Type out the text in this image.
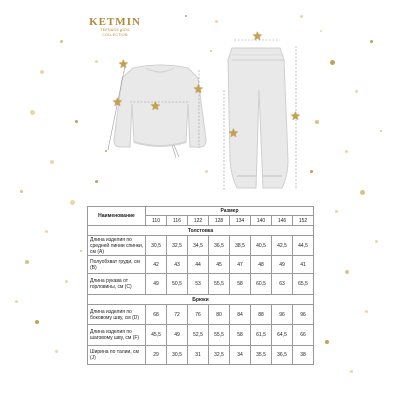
KETMIN
TEENAGE KIDS
COLLECTION
★
★
★
★
★
★
★
Наименование	Размер							
	110	116	122	128	134	140	146	152
Толстовка								
Длина изделия по средней линии спинки, см (A)	30,5	32,5	34,5	36,5	38,5	40,5	42,5	44,5
Полуобхват груди, см (B)	42	43	44	45	47	48	49	41
Длина рукава от горловины, см (C)	49	50,5	53	55,5	58	60,5	63	65,5
Брюки								
Длина изделия по боковому шву, см (D)	68	72	76	80	84	88	96	96
Длина изделия по шаговому шву, см (F)	45,5	49	52,5	55,5	58	61,5	64,5	66
Ширина по талии, см (J)	29	30,5	31	32,5	34	35,5	36,5	38
